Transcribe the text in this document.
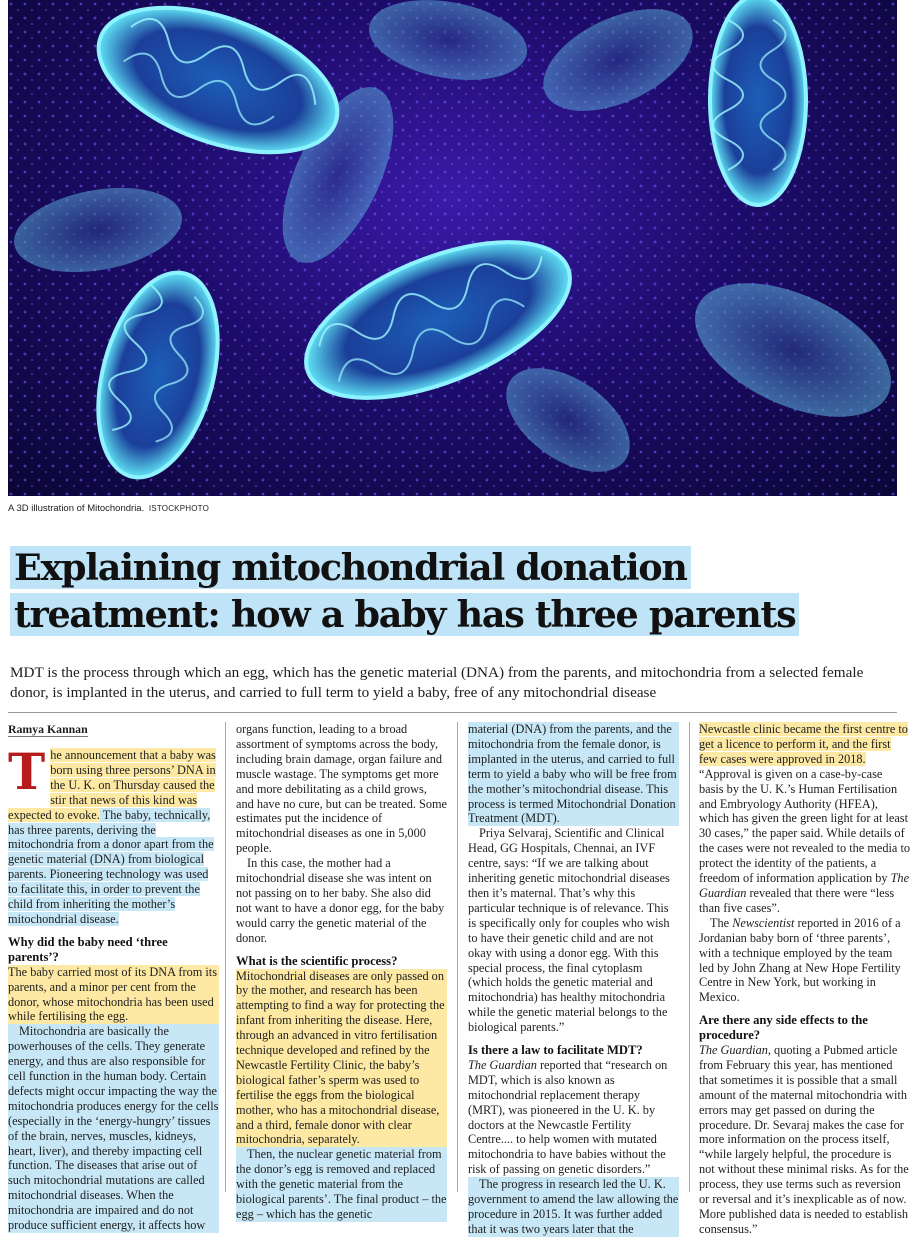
A 3D illustration of Mitochondria. ISTOCKPHOTO
Explaining mitochondrial donation
treatment: how a baby has three parents
MDT is the process through which an egg, which has the genetic material (DNA) from the parents, and mitochondria from a selected female donor, is implanted in the uterus, and carried to full term to yield a baby, free of any mitochondrial disease
Ramya Kannan

The announcement that a baby was born using three persons’ DNA in the U. K. on Thursday caused the stir that news of this kind was expected to evoke. The baby, technically, has three parents, deriving the mitochondria from a donor apart from the genetic material (DNA) from biological parents. Pioneering technology was used to facilitate this, in order to prevent the child from inheriting the mother’s mitochondrial disease.

Why did the baby need ‘three parents’?

The baby carried most of its DNA from its parents, and a minor per cent from the donor, whose mitochondria has been used while fertilising the egg.

Mitochondria are basically the powerhouses of the cells. They generate energy, and thus are also responsible for cell function in the human body. Certain defects might occur impacting the way the mitochondria produces energy for the cells (especially in the ‘energy-hungry’ tissues of the brain, nerves, muscles, kidneys, heart, liver), and thereby impacting cell function. The diseases that arise out of such mitochondrial mutations are called mitochondrial diseases. When the mitochondria are impaired and do not produce sufficient energy, it affects how

organs function, leading to a broad assortment of symptoms across the body, including brain damage, organ failure and muscle wastage. The symptoms get more and more debilitating as a child grows, and have no cure, but can be treated. Some estimates put the incidence of mitochondrial diseases as one in 5,000 people.

In this case, the mother had a mitochondrial disease she was intent on not passing on to her baby. She also did not want to have a donor egg, for the baby would carry the genetic material of the donor.

What is the scientific process?

Mitochondrial diseases are only passed on by the mother, and research has been attempting to find a way for protecting the infant from inheriting the disease. Here, through an advanced in vitro fertilisation technique developed and refined by the Newcastle Fertility Clinic, the baby’s biological father’s sperm was used to fertilise the eggs from the biological mother, who has a mitochondrial disease, and a third, female donor with clear mitochondria, separately.

Then, the nuclear genetic material from the donor’s egg is removed and replaced with the genetic material from the biological parents’. The final product – the egg – which has the genetic

material (DNA) from the parents, and the mitochondria from the female donor, is implanted in the uterus, and carried to full term to yield a baby who will be free from the mother’s mitochondrial disease. This process is termed Mitochondrial Donation Treatment (MDT).

Priya Selvaraj, Scientific and Clinical Head, GG Hospitals, Chennai, an IVF centre, says: “If we are talking about inheriting genetic mitochondrial diseases then it’s maternal. That’s why this particular technique is of relevance. This is specifically only for couples who wish to have their genetic child and are not okay with using a donor egg. With this special process, the final cytoplasm (which holds the genetic material and mitochondria) has healthy mitochondria while the genetic material belongs to the biological parents.”

Is there a law to facilitate MDT?

The Guardian reported that “research on MDT, which is also known as mitochondrial replacement therapy (MRT), was pioneered in the U. K. by doctors at the Newcastle Fertility Centre.... to help women with mutated mitochondria to have babies without the risk of passing on genetic disorders.”

The progress in research led the U. K. government to amend the law allowing the procedure in 2015. It was further added that it was two years later that the

Newcastle clinic became the first centre to get a licence to perform it, and the first few cases were approved in 2018. “Approval is given on a case-by-case basis by the U. K.’s Human Fertilisation and Embryology Authority (HFEA), which has given the green light for at least 30 cases,” the paper said. While details of the cases were not revealed to the media to protect the identity of the patients, a freedom of information application by The Guardian revealed that there were “less than five cases”.

The Newscientist reported in 2016 of a Jordanian baby born of ‘three parents’, with a technique employed by the team led by John Zhang at New Hope Fertility Centre in New York, but working in Mexico.

Are there any side effects to the procedure?

The Guardian, quoting a Pubmed article from February this year, has mentioned that sometimes it is possible that a small amount of the maternal mitochondria with errors may get passed on during the procedure. Dr. Sevaraj makes the case for more information on the process itself, “while largely helpful, the procedure is not without these minimal risks. As for the process, they use terms such as reversion or reversal and it’s inexplicable as of now. More published data is needed to establish consensus.”
